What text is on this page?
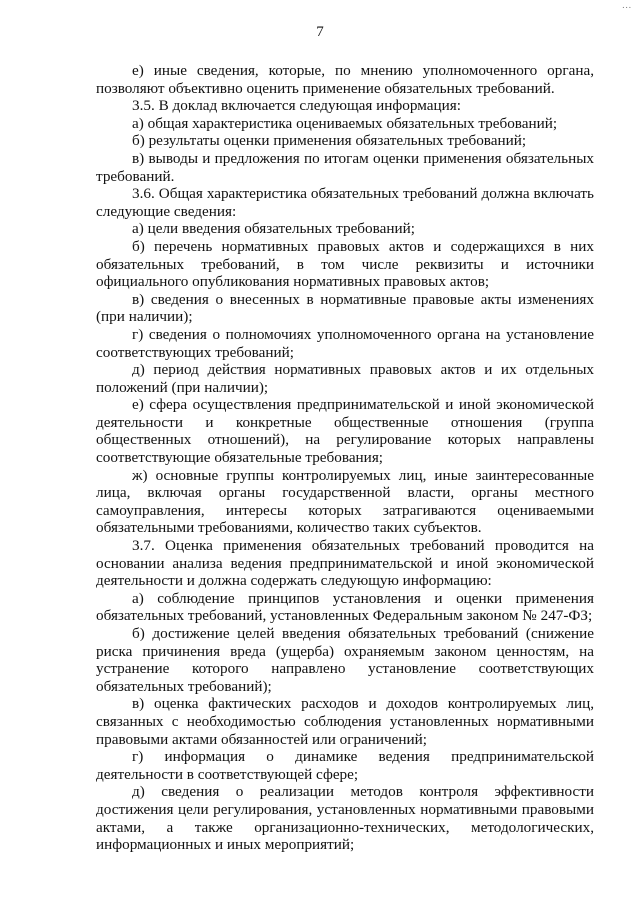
...
7

е) иные сведения, которые, по мнению уполномоченного органа, позволяют объективно оценить применение обязательных требований.

3.5. В доклад включается следующая информация:

а) общая характеристика оцениваемых обязательных требований;

б) результаты оценки применения обязательных требований;

в) выводы и предложения по итогам оценки применения обязательных требований.

3.6. Общая характеристика обязательных требований должна включать следующие сведения:

а) цели введения обязательных требований;

б) перечень нормативных правовых актов и содержащихся в них обязательных требований, в том числе реквизиты и источники официального опубликования нормативных правовых актов;

в) сведения о внесенных в нормативные правовые акты изменениях (при наличии);

г) сведения о полномочиях уполномоченного органа на установление соответствующих требований;

д) период действия нормативных правовых актов и их отдельных положений (при наличии);

е) сфера осуществления предпринимательской и иной экономической деятельности и конкретные общественные отношения (группа общественных отношений), на регулирование которых направлены соответствующие обязательные требования;

ж) основные группы контролируемых лиц, иные заинтересованные лица, включая органы государственной власти, органы местного самоуправления, интересы которых затрагиваются оцениваемыми обязательными требованиями, количество таких субъектов.

3.7. Оценка применения обязательных требований проводится на основании анализа ведения предпринимательской и иной экономической деятельности и должна содержать следующую информацию:

а) соблюдение принципов установления и оценки применения обязательных требований, установленных Федеральным законом № 247-ФЗ;

б) достижение целей введения обязательных требований (снижение риска причинения вреда (ущерба) охраняемым законом ценностям, на устранение которого направлено установление соответствующих обязательных требований);

в) оценка фактических расходов и доходов контролируемых лиц, связанных с необходимостью соблюдения установленных нормативными правовыми актами обязанностей или ограничений;

г) информация о динамике ведения предпринимательской деятельности в соответствующей сфере;

д) сведения о реализации методов контроля эффективности достижения цели регулирования, установленных нормативными правовыми актами, а также организационно-технических, методологических, информационных и иных мероприятий;
